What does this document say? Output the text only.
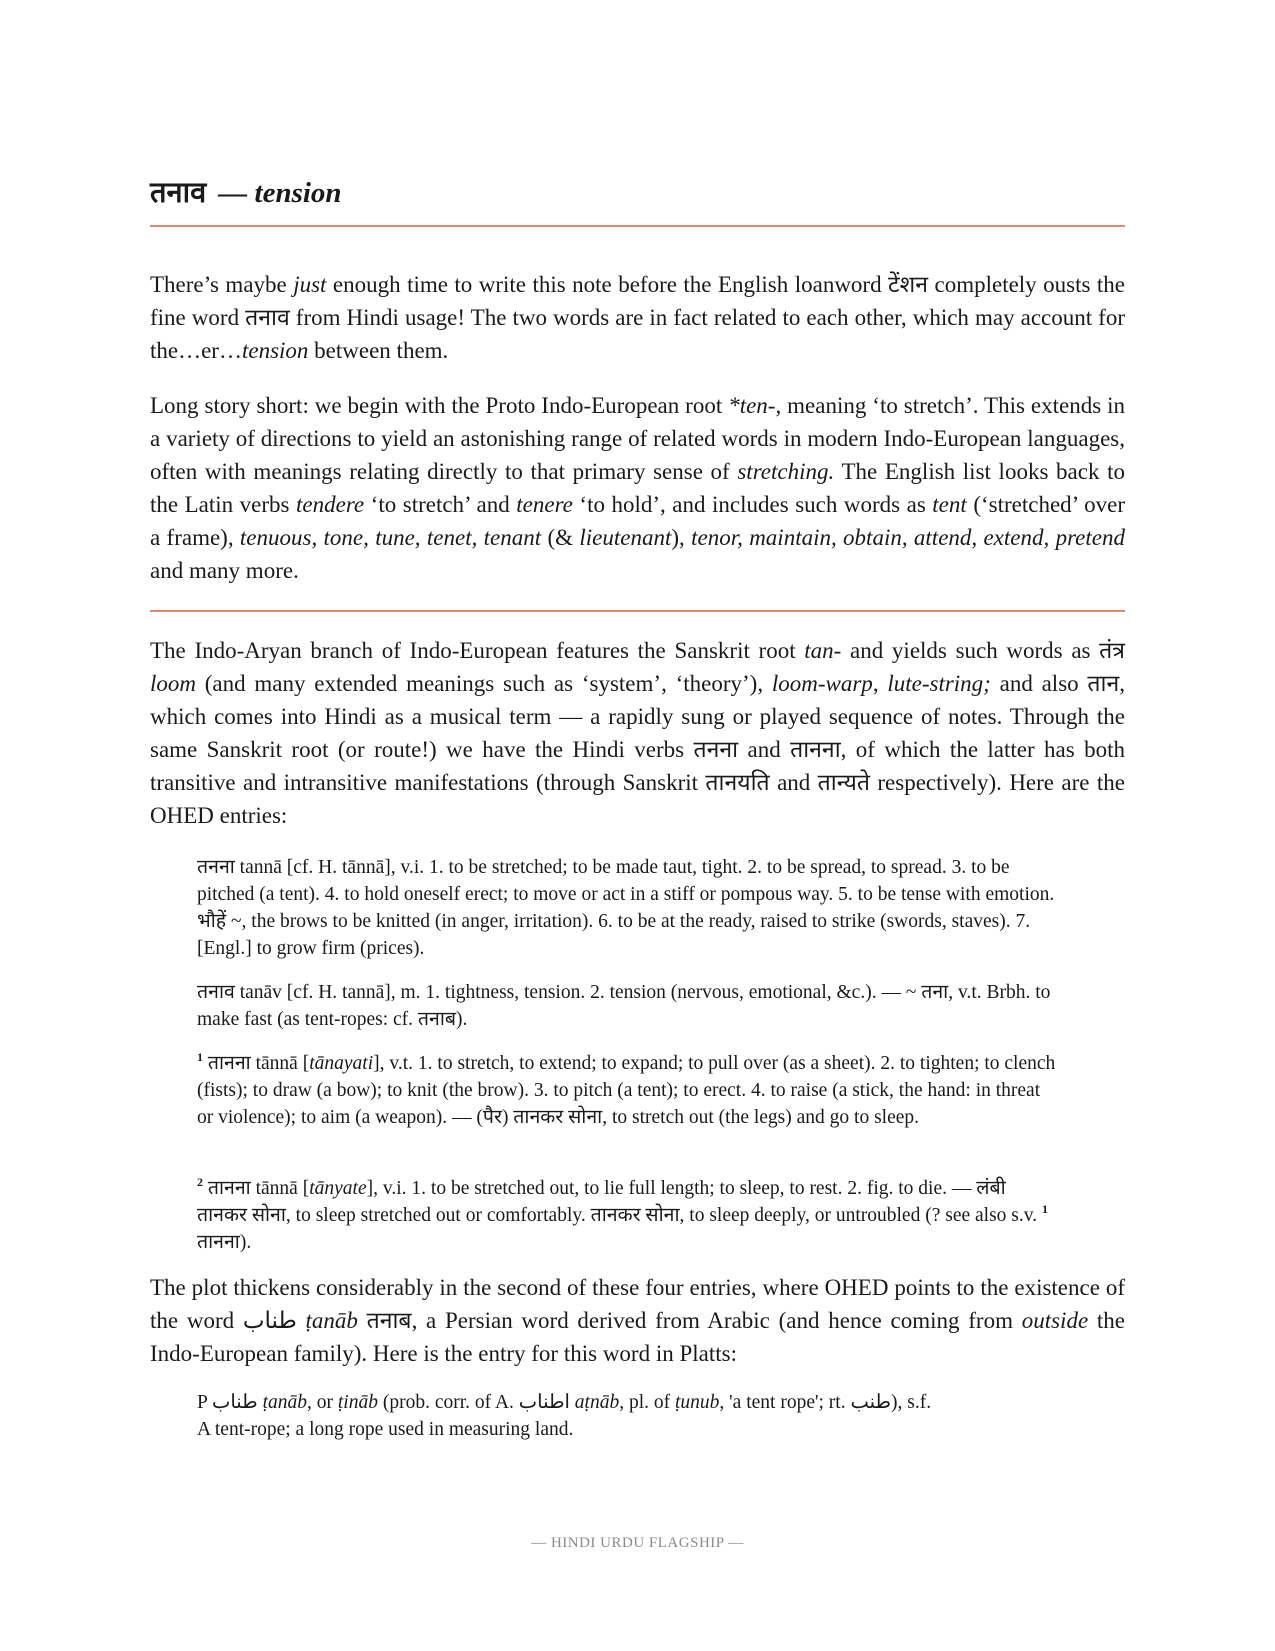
तनाव — tension

There’s maybe just enough time to write this note before the English loanword टेंशन completely ousts the fine word तनाव from Hindi usage! The two words are in fact related to each other, which may account for the…er…tension between them.

Long story short: we begin with the Proto Indo-European root *ten-, meaning ‘to stretch’. This extends in a variety of directions to yield an astonishing range of related words in modern Indo-European languages, often with meanings relating directly to that primary sense of stretching. The English list looks back to the Latin verbs tendere ‘to stretch’ and tenere ‘to hold’, and includes such words as tent (‘stretched’ over a frame), tenuous, tone, tune, tenet, tenant (& lieutenant), tenor, maintain, obtain, attend, extend, pretend and many more.

The Indo-Aryan branch of Indo-European features the Sanskrit root tan- and yields such words as तंत्र loom (and many extended meanings such as ‘system’, ‘theory’), loom-warp, lute-string; and also तान, which comes into Hindi as a musical term — a rapidly sung or played sequence of notes. Through the same Sanskrit root (or route!) we have the Hindi verbs तनना and तानना, of which the latter has both transitive and intransitive manifestations (through Sanskrit तानयति and तान्यते respectively). Here are the OHED entries:

तनना tannā [cf. H. tānnā], v.i. 1. to be stretched; to be made taut, tight. 2. to be spread, to spread. 3. to be pitched (a tent). 4. to hold oneself erect; to move or act in a stiff or pompous way. 5. to be tense with emotion. भौहें ~, the brows to be knitted (in anger, irritation). 6. to be at the ready, raised to strike (swords, staves). 7. [Engl.] to grow firm (prices).

तनाव tanāv [cf. H. tannā], m. 1. tightness, tension. 2. tension (nervous, emotional, &c.). — ~ तना, v.t. Brbh. to make fast (as tent-ropes: cf. तनाब).

$^1$ तानना tānnā [tānayati], v.t. 1. to stretch, to extend; to expand; to pull over (as a sheet). 2. to tighten; to clench (fists); to draw (a bow); to knit (the brow). 3. to pitch (a tent); to erect. 4. to raise (a stick, the hand: in threat or violence); to aim (a weapon). — (पैर) तानकर सोना, to stretch out (the legs) and go to sleep.

$^2$ तानना tānnā [tānyate], v.i. 1. to be stretched out, to lie full length; to sleep, to rest. 2. fig. to die. — लंबी तानकर सोना, to sleep stretched out or comfortably. तानकर सोना, to sleep deeply, or untroubled (? see also s.v. $^1$ तानना).

The plot thickens considerably in the second of these four entries, where OHED points to the existence of the word طناب ṭanāb तनाब, a Persian word derived from Arabic (and hence coming from outside the Indo-European family). Here is the entry for this word in Platts:

P طناب ṭanāb, or ṭināb (prob. corr. of A. اطناب aṭnāb, pl. of ṭunub, 'a tent rope'; rt. طنب), s.f.
A tent-rope; a long rope used in measuring land.

— HINDI URDU FLAGSHIP —
